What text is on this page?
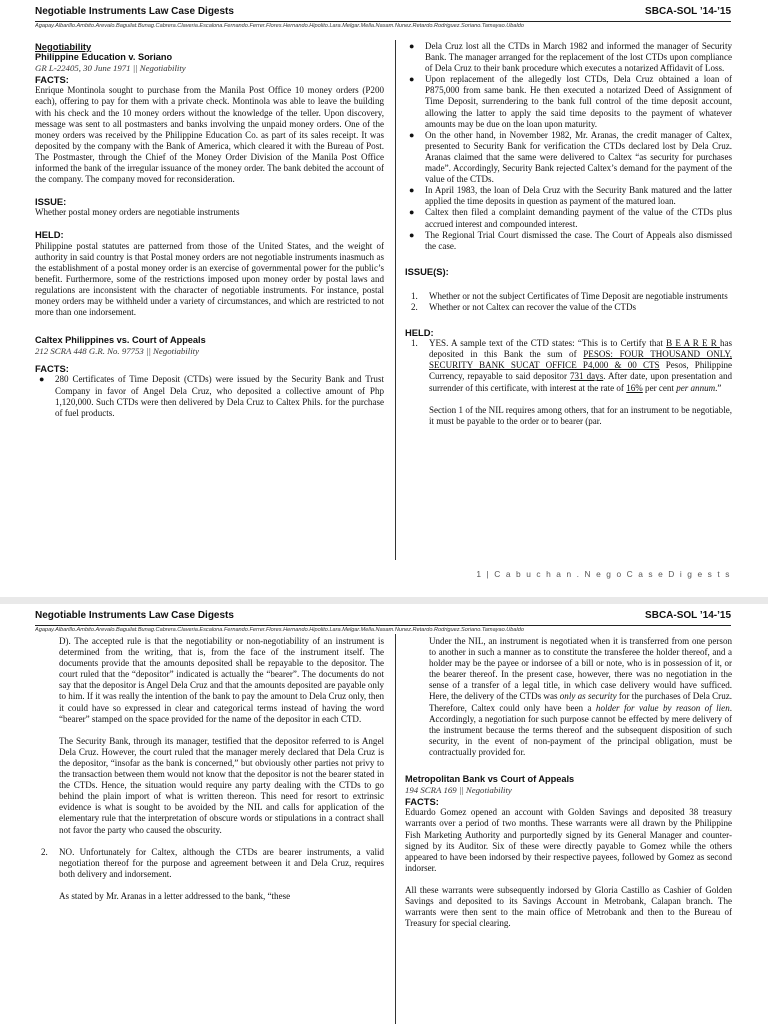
Negotiable Instruments Law Case Digests	SBCA-SOL ’14-’15
Agapay.Albarillo.Ambito.Arevalo.Baguilat.Bunag.Cabrera.Claveria.Escalona.Fernando.Ferrer.Flores.Hernando.Hipolito.Lara.Melgar.Mella.Nasam.Nunez.Retardo.Rodriguez.Soriano.Tamayao.Ubaldo

Negotiability

Philippine Education v. Soriano

GR L-22405, 30 June 1971 || Negotiability

FACTS:

Enrique Montinola sought to purchase from the Manila Post Office 10 money orders (P200 each), offering to pay for them with a private check. Montinola was able to leave the building with his check and the 10 money orders without the knowledge of the teller. Upon discovery, message was sent to all postmasters and banks involving the unpaid money orders. One of the money orders was received by the Philippine Education Co. as part of its sales receipt. It was deposited by the company with the Bank of America, which cleared it with the Bureau of Post. The Postmaster, through the Chief of the Money Order Division of the Manila Post Office informed the bank of the irregular issuance of the money order. The bank debited the account of the company. The company moved for reconsideration.

ISSUE:

Whether postal money orders are negotiable instruments

HELD:

Philippine postal statutes are patterned from those of the United States, and the weight of authority in said country is that Postal money orders are not negotiable instruments inasmuch as the establishment of a postal money order is an exercise of governmental power for the public’s benefit. Furthermore, some of the restrictions imposed upon money order by postal laws and regulations are inconsistent with the character of negotiable instruments. For instance, postal money orders may be withheld under a variety of circumstances, and which are restricted to not more than one indorsement.

Caltex Philippines vs. Court of Appeals

212 SCRA 448 G.R. No. 97753 || Negotiability

FACTS:

●	280 Certificates of Time Deposit (CTDs) were issued by the Security Bank and Trust Company in favor of Angel Dela Cruz, who deposited a collective amount of Php 1,120,000. Such CTDs were then delivered by Dela Cruz to Caltex Phils. for the purchase of fuel products.
●	Dela Cruz lost all the CTDs in March 1982 and informed the manager of Security Bank. The manager arranged for the replacement of the lost CTDs upon compliance of Dela Cruz to their bank procedure which executes a notarized Affidavit of Loss.
●	Upon replacement of the allegedly lost CTDs, Dela Cruz obtained a loan of P875,000 from same bank. He then executed a notarized Deed of Assignment of Time Deposit, surrendering to the bank full control of the time deposit account, allowing the latter to apply the said time deposits to the payment of whatever amounts may be due on the loan upon maturity.
●	On the other hand, in November 1982, Mr. Aranas, the credit manager of Caltex, presented to Security Bank for verification the CTDs declared lost by Dela Cruz. Aranas claimed that the same were delivered to Caltex “as security for purchases made”. Accordingly, Security Bank rejected Caltex’s demand for the payment of the value of the CTDs.
●	In April 1983, the loan of Dela Cruz with the Security Bank matured and the latter applied the time deposits in question as payment of the matured loan.
●	Caltex then filed a complaint demanding payment of the value of the CTDs plus accrued interest and compounded interest.
●	The Regional Trial Court dismissed the case. The Court of Appeals also dismissed the case.

ISSUE(S):

1.	Whether or not the subject Certificates of Time Deposit are negotiable instruments
2.	Whether or not Caltex can recover the value of the CTDs

HELD:

1.	YES. A sample text of the CTD states: “This is to Certify that B E A R E R has deposited in this Bank the sum of PESOS: FOUR THOUSAND ONLY, SECURITY BANK SUCAT OFFICE P4,000 & 00 CTS Pesos, Philippine Currency, repayable to said depositor 731 days. After date, upon presentation and surrender of this certificate, with interest at the rate of 16% per cent per annum.”
Section 1 of the NIL requires among others, that for an instrument to be negotiable, it must be payable to the order or to bearer (par.
1 | C a b u c h a n . N e g o C a s e D i g e s t s
Negotiable Instruments Law Case Digests	SBCA-SOL ’14-’15
Agapay.Albarillo.Ambito.Arevalo.Baguilat.Bunag.Cabrera.Claveria.Escalona.Fernando.Ferrer.Flores.Hernando.Hipolito.Lara.Melgar.Mella.Nasam.Nunez.Retardo.Rodriguez.Soriano.Tamayao.Ubaldo
D). The accepted rule is that the negotiability or non-negotiability of an instrument is determined from the writing, that is, from the face of the instrument itself. The documents provide that the amounts deposited shall be repayable to the depositor. The court ruled that the “depositor” indicated is actually the “bearer”. The documents do not say that the depositor is Angel Dela Cruz and that the amounts deposited are payable only to him. If it was really the intention of the bank to pay the amount to Dela Cruz only, then it could have so expressed in clear and categorical terms instead of having the word “bearer” stamped on the space provided for the name of the depositor in each CTD.
The Security Bank, through its manager, testified that the depositor referred to is Angel Dela Cruz. However, the court ruled that the manager merely declared that Dela Cruz is the depositor, “insofar as the bank is concerned,” but obviously other parties not privy to the transaction between them would not know that the depositor is not the bearer stated in the CTDs. Hence, the situation would require any party dealing with the CTDs to go behind the plain import of what is written thereon. This need for resort to extrinsic evidence is what is sought to be avoided by the NIL and calls for application of the elementary rule that the interpretation of obscure words or stipulations in a contract shall not favor the party who caused the obscurity.
2.	NO. Unfortunately for Caltex, although the CTDs are bearer instruments, a valid negotiation thereof for the purpose and agreement between it and Dela Cruz, requires both delivery and indorsement.
As stated by Mr. Aranas in a letter addressed to the bank, “these
Under the NIL, an instrument is negotiated when it is transferred from one person to another in such a manner as to constitute the transferee the holder thereof, and a holder may be the payee or indorsee of a bill or note, who is in possession of it, or the bearer thereof. In the present case, however, there was no negotiation in the sense of a transfer of a legal title, in which case delivery would have sufficed. Here, the delivery of the CTDs was only as security for the purchases of Dela Cruz. Therefore, Caltex could only have been a holder for value by reason of lien. Accordingly, a negotiation for such purpose cannot be effected by mere delivery of the instrument because the terms thereof and the subsequent disposition of such security, in the event of non-payment of the principal obligation, must be contractually provided for.

Metropolitan Bank vs Court of Appeals

194 SCRA 169 || Negotiability

FACTS:

Eduardo Gomez opened an account with Golden Savings and deposited 38 treasury warrants over a period of two months. These warrants were all drawn by the Philippine Fish Marketing Authority and purportedly signed by its General Manager and counter-signed by its Auditor. Six of these were directly payable to Gomez while the others appeared to have been indorsed by their respective payees, followed by Gomez as second indorser.

All these warrants were subsequently indorsed by Gloria Castillo as Cashier of Golden Savings and deposited to its Savings Account in Metrobank, Calapan branch. The warrants were then sent to the main office of Metrobank and then to the Bureau of Treasury for special clearing.
